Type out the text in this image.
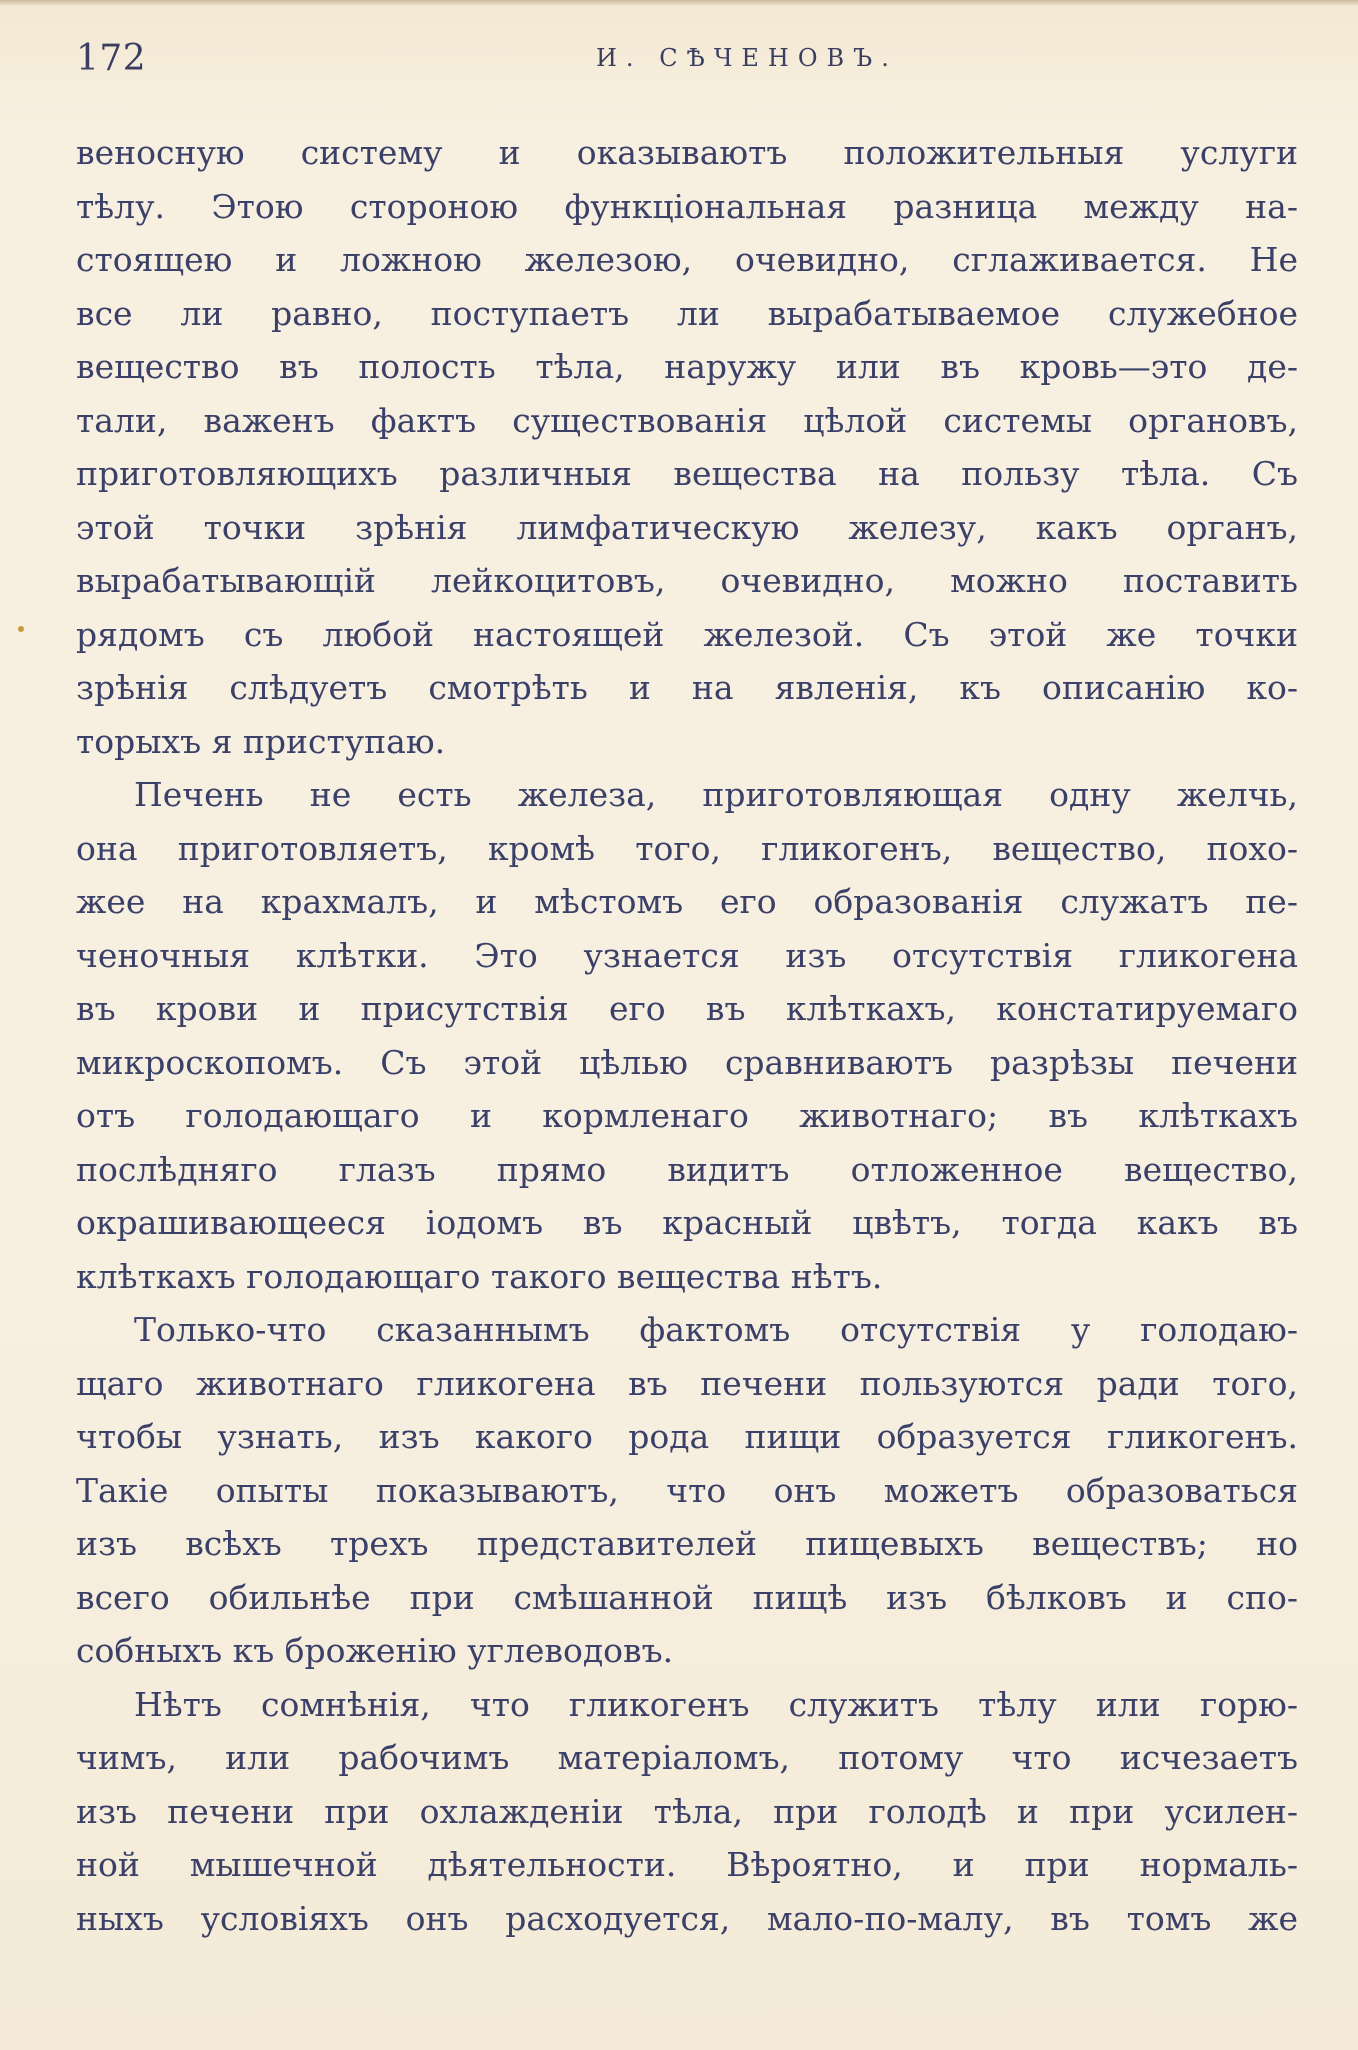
172	И. СѢЧЕНОВЪ.
веносную систему и оказываютъ положительныя услуги
тѣлу. Этою стороною функціональная разница между на-
стоящею и ложною железою, очевидно, сглаживается. Не
все ли равно, поступаетъ ли вырабатываемое служебное
вещество въ полость тѣла, наружу или въ кровь—это де-
тали, важенъ фактъ существованія цѣлой системы органовъ,
приготовляющихъ различныя вещества на пользу тѣла. Съ
этой точки зрѣнія лимфатическую железу, какъ органъ,
вырабатывающій лейкоцитовъ, очевидно, можно поставить
рядомъ съ любой настоящей железой. Съ этой же точки
зрѣнія слѣдуетъ смотрѣть и на явленія, къ описанію ко-
торыхъ я приступаю.
Печень не есть железа, приготовляющая одну желчь,
она приготовляетъ, кромѣ того, гликогенъ, вещество, похо-
жее на крахмалъ, и мѣстомъ его образованія служатъ пе-
ченочныя клѣтки. Это узнается изъ отсутствія гликогена
въ крови и присутствія его въ клѣткахъ, констатируемаго
микроскопомъ. Съ этой цѣлью сравниваютъ разрѣзы печени
отъ голодающаго и кормленаго животнаго; въ клѣткахъ
послѣдняго глазъ прямо видитъ отложенное вещество,
окрашивающееся іодомъ въ красный цвѣтъ, тогда какъ въ
клѣткахъ голодающаго такого вещества нѣтъ.
Только-что сказаннымъ фактомъ отсутствія у голодаю-
щаго животнаго гликогена въ печени пользуются ради того,
чтобы узнать, изъ какого рода пищи образуется гликогенъ.
Такіе опыты показываютъ, что онъ можетъ образоваться
изъ всѣхъ трехъ представителей пищевыхъ веществъ; но
всего обильнѣе при смѣшанной пищѣ изъ бѣлковъ и спо-
собныхъ къ броженію углеводовъ.
Нѣтъ сомнѣнія, что гликогенъ служитъ тѣлу или горю-
чимъ, или рабочимъ матеріаломъ, потому что исчезаетъ
изъ печени при охлажденіи тѣла, при голодѣ и при усилен-
ной мышечной дѣятельности. Вѣроятно, и при нормаль-
ныхъ условіяхъ онъ расходуется, мало-по-малу, въ томъ же
